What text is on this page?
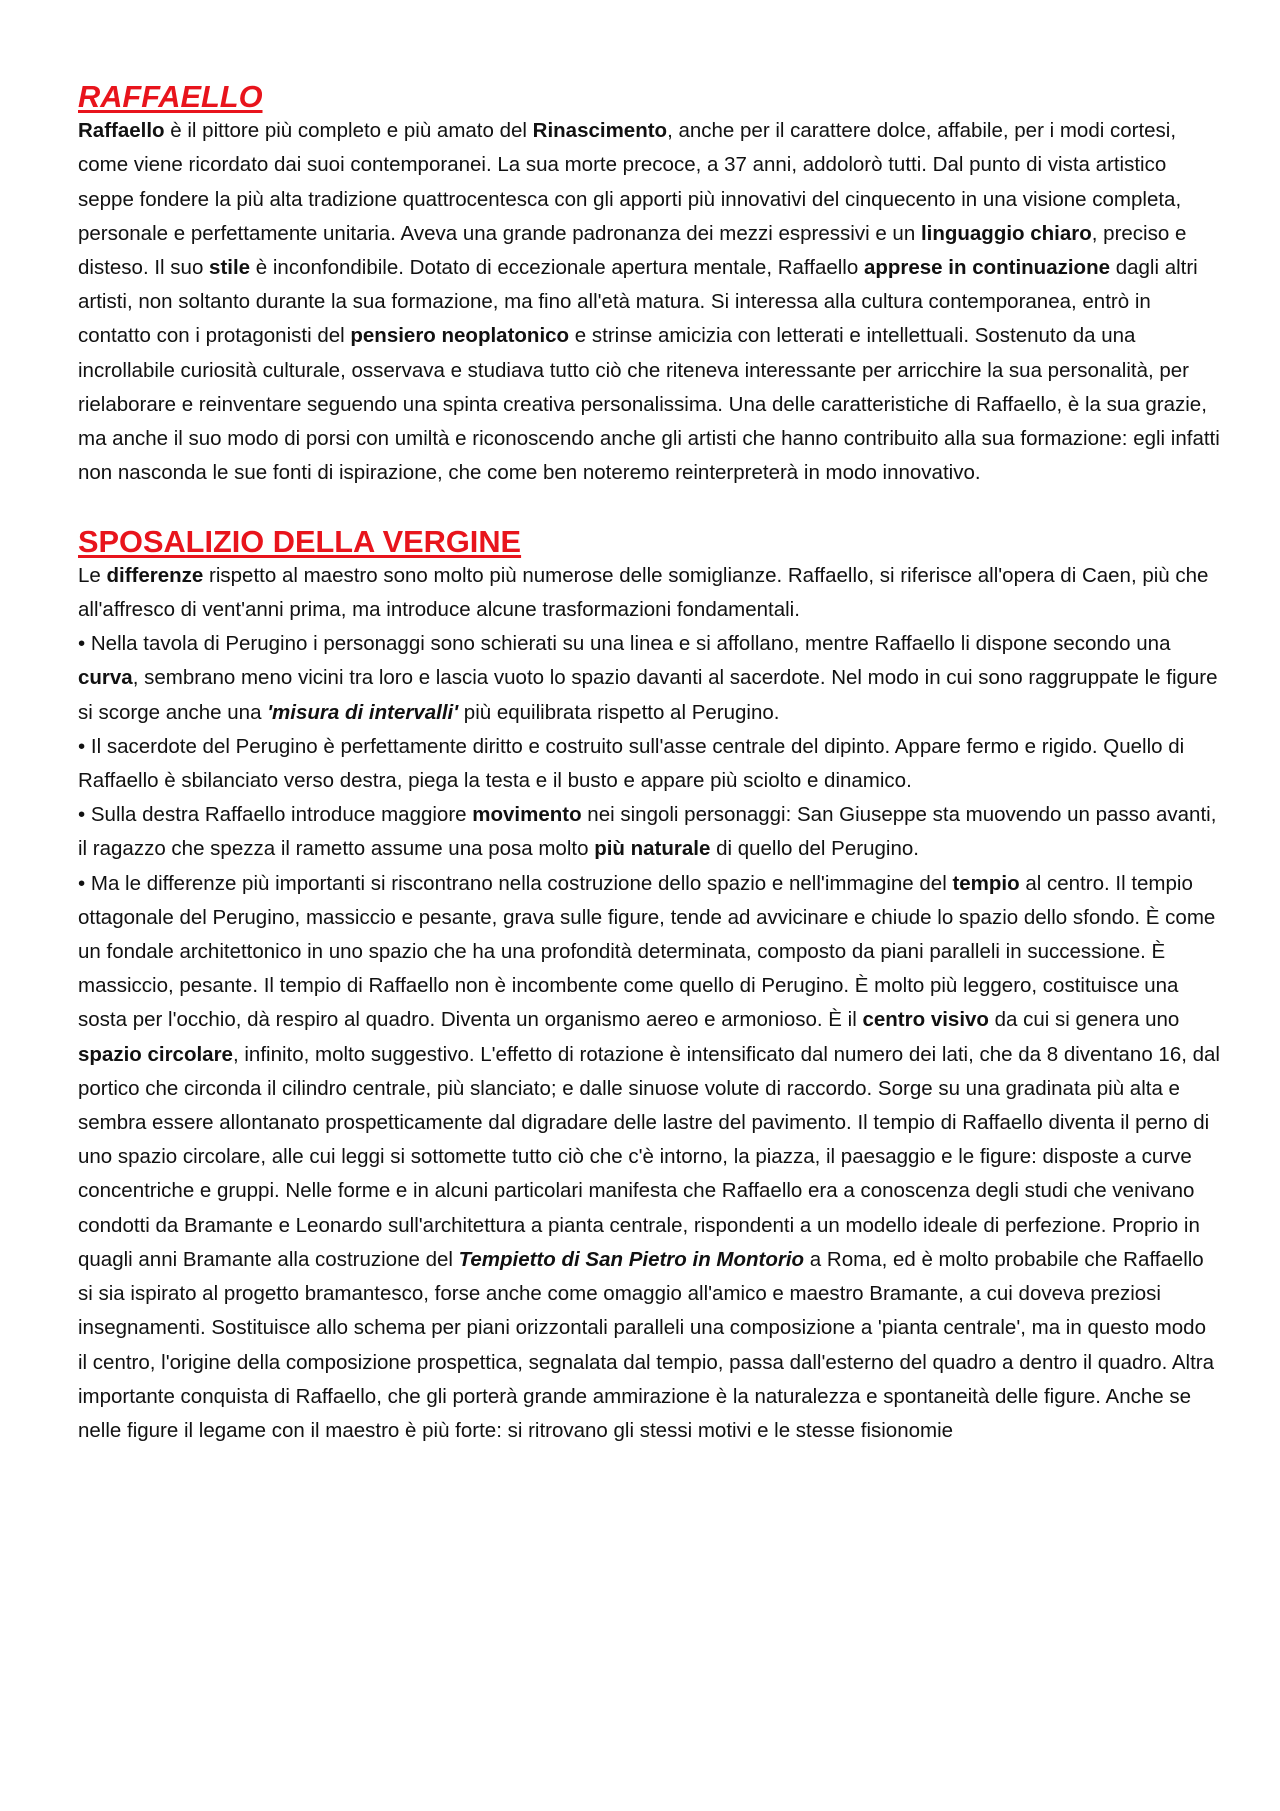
RAFFAELLO

Raffaello è il pittore più completo e più amato del Rinascimento, anche per il carattere dolce, affabile, per i modi cortesi, come viene ricordato dai suoi contemporanei. La sua morte precoce, a 37 anni, addolorò tutti. Dal punto di vista artistico seppe fondere la più alta tradizione quattrocentesca con gli apporti più innovativi del cinquecento in una visione completa, personale e perfettamente unitaria. Aveva una grande padronanza dei mezzi espressivi e un linguaggio chiaro, preciso e disteso. Il suo stile è inconfondibile. Dotato di eccezionale apertura mentale, Raffaello apprese in continuazione dagli altri artisti, non soltanto durante la sua formazione, ma fino all'età matura. Si interessa alla cultura contemporanea, entrò in contatto con i protagonisti del pensiero neoplatonico e strinse amicizia con letterati e intellettuali. Sostenuto da una incrollabile curiosità culturale, osservava e studiava tutto ciò che riteneva interessante per arricchire la sua personalità, per rielaborare e reinventare seguendo una spinta creativa personalissima. Una delle caratteristiche di Raffaello, è la sua grazie, ma anche il suo modo di porsi con umiltà e riconoscendo anche gli artisti che hanno contribuito alla sua formazione: egli infatti non nasconda le sue fonti di ispirazione, che come ben noteremo reinterpreterà in modo innovativo.

SPOSALIZIO DELLA VERGINE

Le differenze rispetto al maestro sono molto più numerose delle somiglianze. Raffaello, si riferisce all'opera di Caen, più che all'affresco di vent'anni prima, ma introduce alcune trasformazioni fondamentali.

• Nella tavola di Perugino i personaggi sono schierati su una linea e si affollano, mentre Raffaello li dispone secondo una curva, sembrano meno vicini tra loro e lascia vuoto lo spazio davanti al sacerdote. Nel modo in cui sono raggruppate le figure si scorge anche una 'misura di intervalli' più equilibrata rispetto al Perugino.

• Il sacerdote del Perugino è perfettamente diritto e costruito sull'asse centrale del dipinto. Appare fermo e rigido. Quello di Raffaello è sbilanciato verso destra, piega la testa e il busto e appare più sciolto e dinamico.

• Sulla destra Raffaello introduce maggiore movimento nei singoli personaggi: San Giuseppe sta muovendo un passo avanti, il ragazzo che spezza il rametto assume una posa molto più naturale di quello del Perugino.

• Ma le differenze più importanti si riscontrano nella costruzione dello spazio e nell'immagine del tempio al centro. Il tempio ottagonale del Perugino, massiccio e pesante, grava sulle figure, tende ad avvicinare e chiude lo spazio dello sfondo. È come un fondale architettonico in uno spazio che ha una profondità determinata, composto da piani paralleli in successione. È massiccio, pesante. Il tempio di Raffaello non è incombente come quello di Perugino. È molto più leggero, costituisce una sosta per l'occhio, dà respiro al quadro. Diventa un organismo aereo e armonioso. È il centro visivo da cui si genera uno spazio circolare, infinito, molto suggestivo. L'effetto di rotazione è intensificato dal numero dei lati, che da 8 diventano 16, dal portico che circonda il cilindro centrale, più slanciato; e dalle sinuose volute di raccordo. Sorge su una gradinata più alta e sembra essere allontanato prospetticamente dal digradare delle lastre del pavimento. Il tempio di Raffaello diventa il perno di uno spazio circolare, alle cui leggi si sottomette tutto ciò che c'è intorno, la piazza, il paesaggio e le figure: disposte a curve concentriche e gruppi. Nelle forme e in alcuni particolari manifesta che Raffaello era a conoscenza degli studi che venivano condotti da Bramante e Leonardo sull'architettura a pianta centrale, rispondenti a un modello ideale di perfezione. Proprio in quagli anni Bramante alla costruzione del Tempietto di San Pietro in Montorio a Roma, ed è molto probabile che Raffaello si sia ispirato al progetto bramantesco, forse anche come omaggio all'amico e maestro Bramante, a cui doveva preziosi insegnamenti. Sostituisce allo schema per piani orizzontali paralleli una composizione a 'pianta centrale', ma in questo modo il centro, l'origine della composizione prospettica, segnalata dal tempio, passa dall'esterno del quadro a dentro il quadro. Altra importante conquista di Raffaello, che gli porterà grande ammirazione è la naturalezza e spontaneità delle figure. Anche se nelle figure il legame con il maestro è più forte: si ritrovano gli stessi motivi e le stesse fisionomie
